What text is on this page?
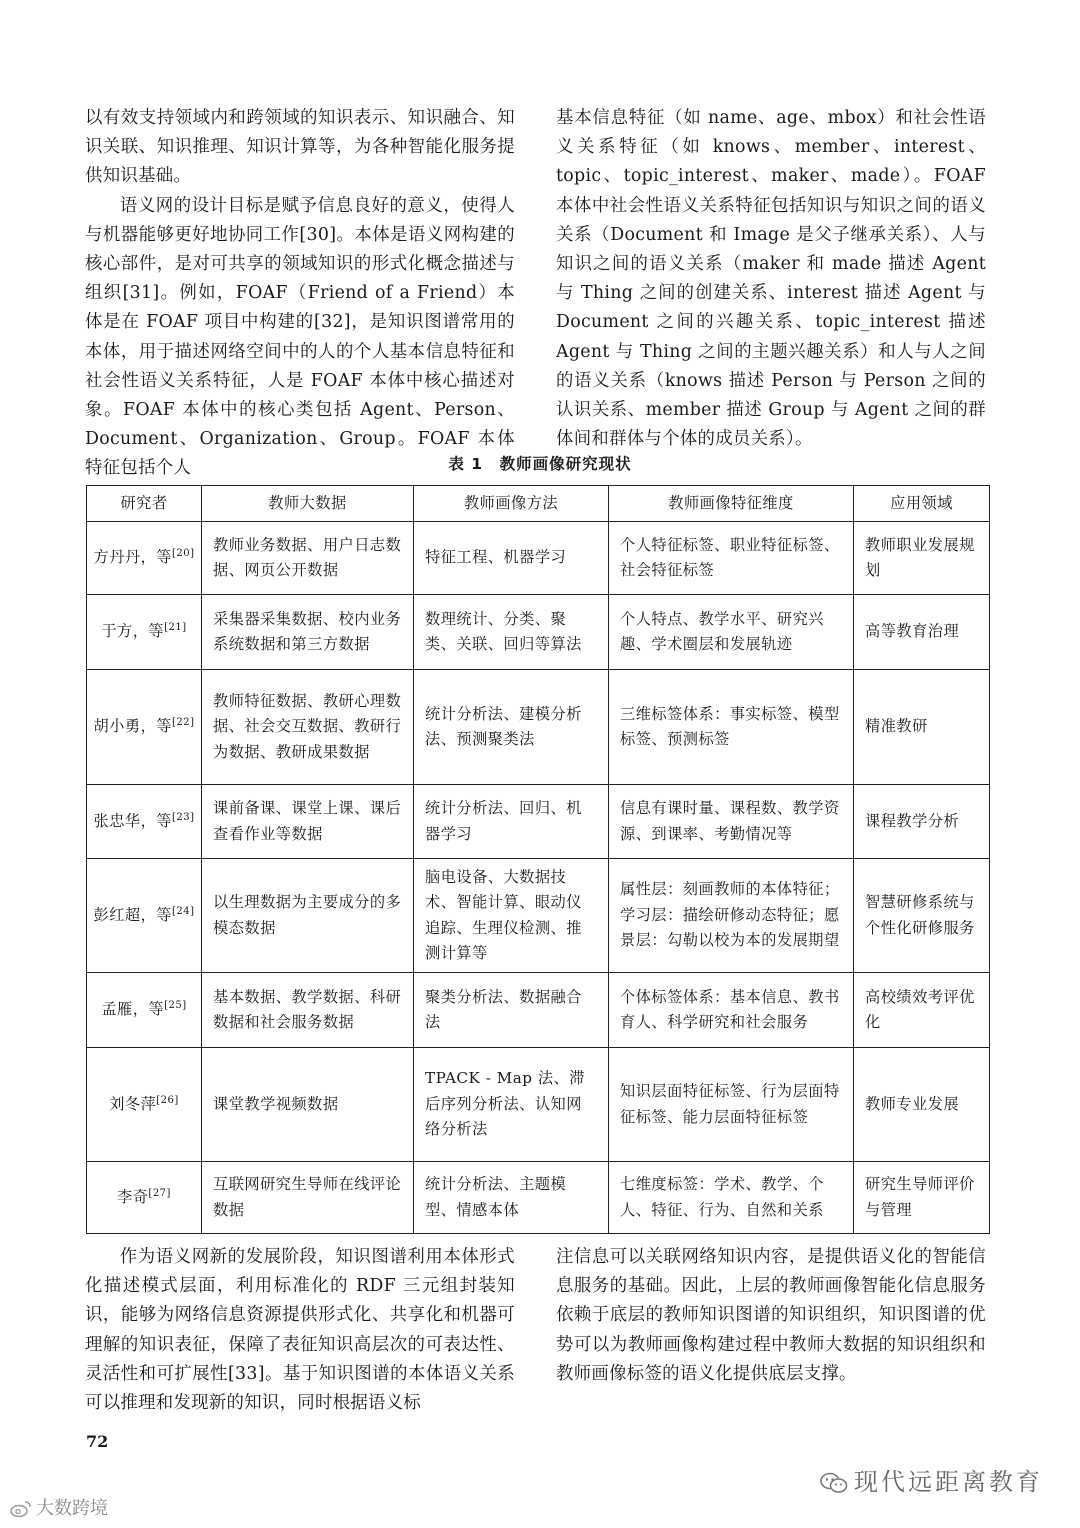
以有效支持领域内和跨领域的知识表示、知识融合、知识关联、知识推理、知识计算等，为各种智能化服务提供知识基础。

语义网的设计目标是赋予信息良好的意义，使得人与机器能够更好地协同工作[30]。本体是语义网构建的核心部件，是对可共享的领域知识的形式化概念描述与组织[31]。例如，FOAF（Friend of a Friend）本体是在 FOAF 项目中构建的[32]，是知识图谱常用的本体，用于描述网络空间中的人的个人基本信息特征和社会性语义关系特征，人是 FOAF 本体中核心描述对象。FOAF 本体中的核心类包括 Agent、Person、Document、Organization、Group。FOAF 本体特征包括个人

基本信息特征（如 name、age、mbox）和社会性语义关系特征（如 knows、member、interest、topic、topic_interest、maker、made）。FOAF 本体中社会性语义关系特征包括知识与知识之间的语义关系（Document 和 Image 是父子继承关系）、人与知识之间的语义关系（maker 和 made 描述 Agent 与 Thing 之间的创建关系、interest 描述 Agent 与 Document 之间的兴趣关系、topic_interest 描述 Agent 与 Thing 之间的主题兴趣关系）和人与人之间的语义关系（knows 描述 Person 与 Person 之间的认识关系、member 描述 Group 与 Agent 之间的群体间和群体与个体的成员关系）。

表 1　教师画像研究现状
研究者	教师大数据	教师画像方法	教师画像特征维度	应用领域
方丹丹，等[20]	教师业务数据、用户日志数据、网页公开数据	特征工程、机器学习	个人特征标签、职业特征标签、社会特征标签	教师职业发展规划
于方，等[21]	采集器采集数据、校内业务系统数据和第三方数据	数理统计、分类、聚类、关联、回归等算法	个人特点、教学水平、研究兴趣、学术圈层和发展轨迹	高等教育治理
胡小勇，等[22]	教师特征数据、教研心理数据、社会交互数据、教研行为数据、教研成果数据	统计分析法、建模分析法、预测聚类法	三维标签体系：事实标签、模型标签、预测标签	精准教研
张忠华，等[23]	课前备课、课堂上课、课后查看作业等数据	统计分析法、回归、机器学习	信息有课时量、课程数、教学资源、到课率、考勤情况等	课程教学分析
彭红超，等[24]	以生理数据为主要成分的多模态数据	脑电设备、大数据技术、智能计算、眼动仪追踪、生理仪检测、推测计算等	属性层：刻画教师的本体特征；学习层：描绘研修动态特征；愿景层：勾勒以校为本的发展期望	智慧研修系统与个性化研修服务
孟雁，等[25]	基本数据、教学数据、科研数据和社会服务数据	聚类分析法、数据融合法	个体标签体系：基本信息、教书育人、科学研究和社会服务	高校绩效考评优化
刘冬萍[26]	课堂教学视频数据	TPACK - Map 法、滞后序列分析法、认知网络分析法	知识层面特征标签、行为层面特征标签、能力层面特征标签	教师专业发展
李奇[27]	互联网研究生导师在线评论数据	统计分析法、主题模型、情感本体	七维度标签：学术、教学、个人、特征、行为、自然和关系	研究生导师评价与管理

作为语义网新的发展阶段，知识图谱利用本体形式化描述模式层面，利用标准化的 RDF 三元组封装知识，能够为网络信息资源提供形式化、共享化和机器可理解的知识表征，保障了表征知识高层次的可表达性、灵活性和可扩展性[33]。基于知识图谱的本体语义关系可以推理和发现新的知识，同时根据语义标

注信息可以关联网络知识内容，是提供语义化的智能信息服务的基础。因此，上层的教师画像智能化信息服务依赖于底层的教师知识图谱的知识组织，知识图谱的优势可以为教师画像构建过程中教师大数据的知识组织和教师画像标签的语义化提供底层支撑。

72
现代远距离教育
大数跨境
